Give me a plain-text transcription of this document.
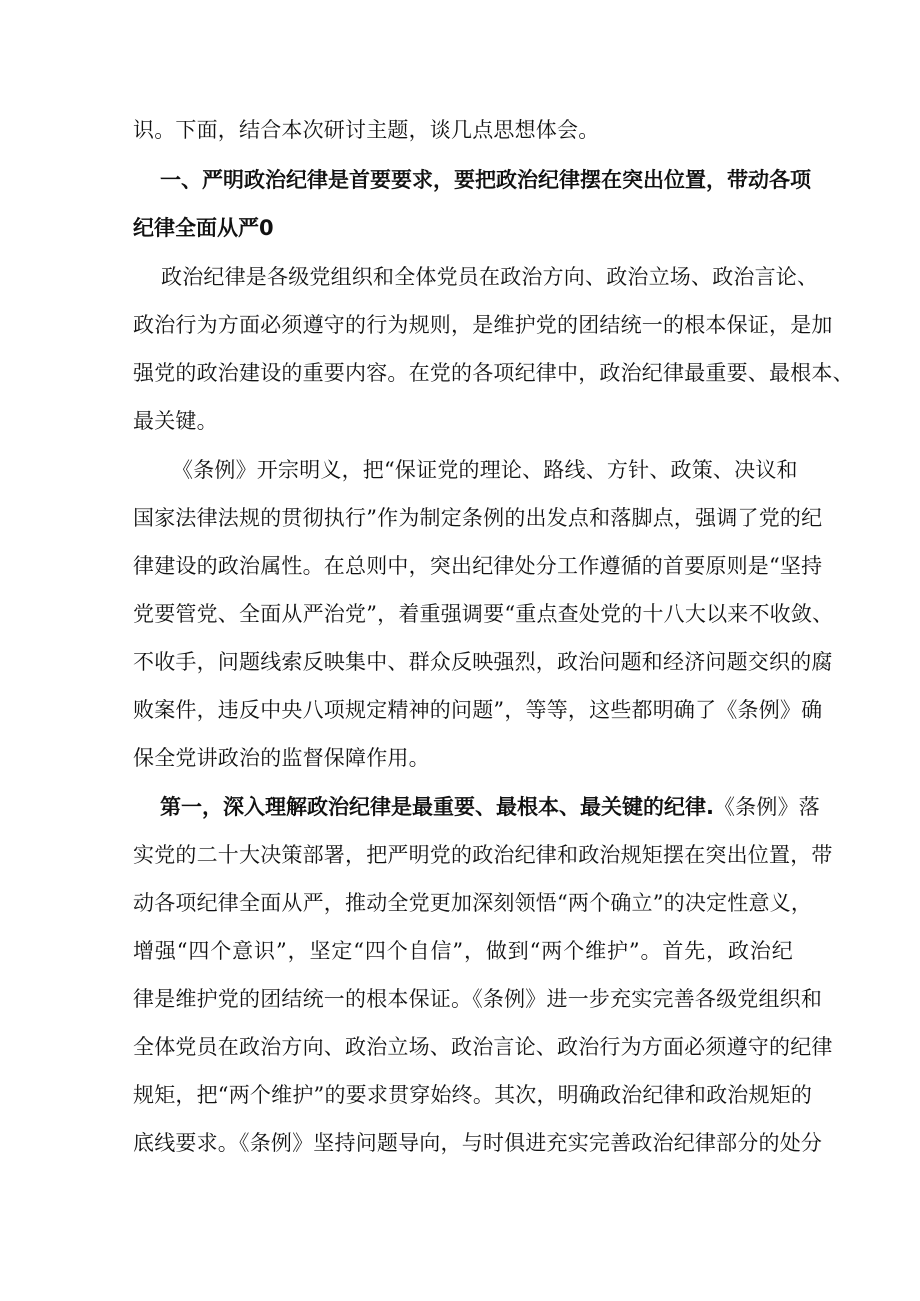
识。下面，结合本次研讨主题，谈几点思想体会。
一、严明政治纪律是首要要求，要把政治纪律摆在突出位置，带动各项
纪律全面从严0
政治纪律是各级党组织和全体党员在政治方向、政治立场、政治言论、
政治行为方面必须遵守的行为规则，是维护党的团结统一的根本保证，是加
强党的政治建设的重要内容。在党的各项纪律中，政治纪律最重要、最根本、
最关键。
《条例》开宗明义，把“保证党的理论、路线、方针、政策、决议和
国家法律法规的贯彻执行”作为制定条例的出发点和落脚点，强调了党的纪
律建设的政治属性。在总则中，突出纪律处分工作遵循的首要原则是“坚持
党要管党、全面从严治党”，着重强调要“重点查处党的十八大以来不收敛、
不收手，问题线索反映集中、群众反映强烈，政治问题和经济问题交织的腐
败案件，违反中央八项规定精神的问题”，等等，这些都明确了《条例》确
保全党讲政治的监督保障作用。
第一，深入理解政治纪律是最重要、最根本、最关键的纪律. 《条例》落
实党的二十大决策部署，把严明党的政治纪律和政治规矩摆在突出位置，带
动各项纪律全面从严，推动全党更加深刻领悟“两个确立”的决定性意义，
增强“四个意识”，坚定“四个自信”，做到“两个维护”。首先，政治纪
律是维护党的团结统一的根本保证。《条例》进一步充实完善各级党组织和
全体党员在政治方向、政治立场、政治言论、政治行为方面必须遵守的纪律
规矩，把“两个维护”的要求贯穿始终。其次，明确政治纪律和政治规矩的
底线要求。《条例》坚持问题导向，与时俱进充实完善政治纪律部分的处分
